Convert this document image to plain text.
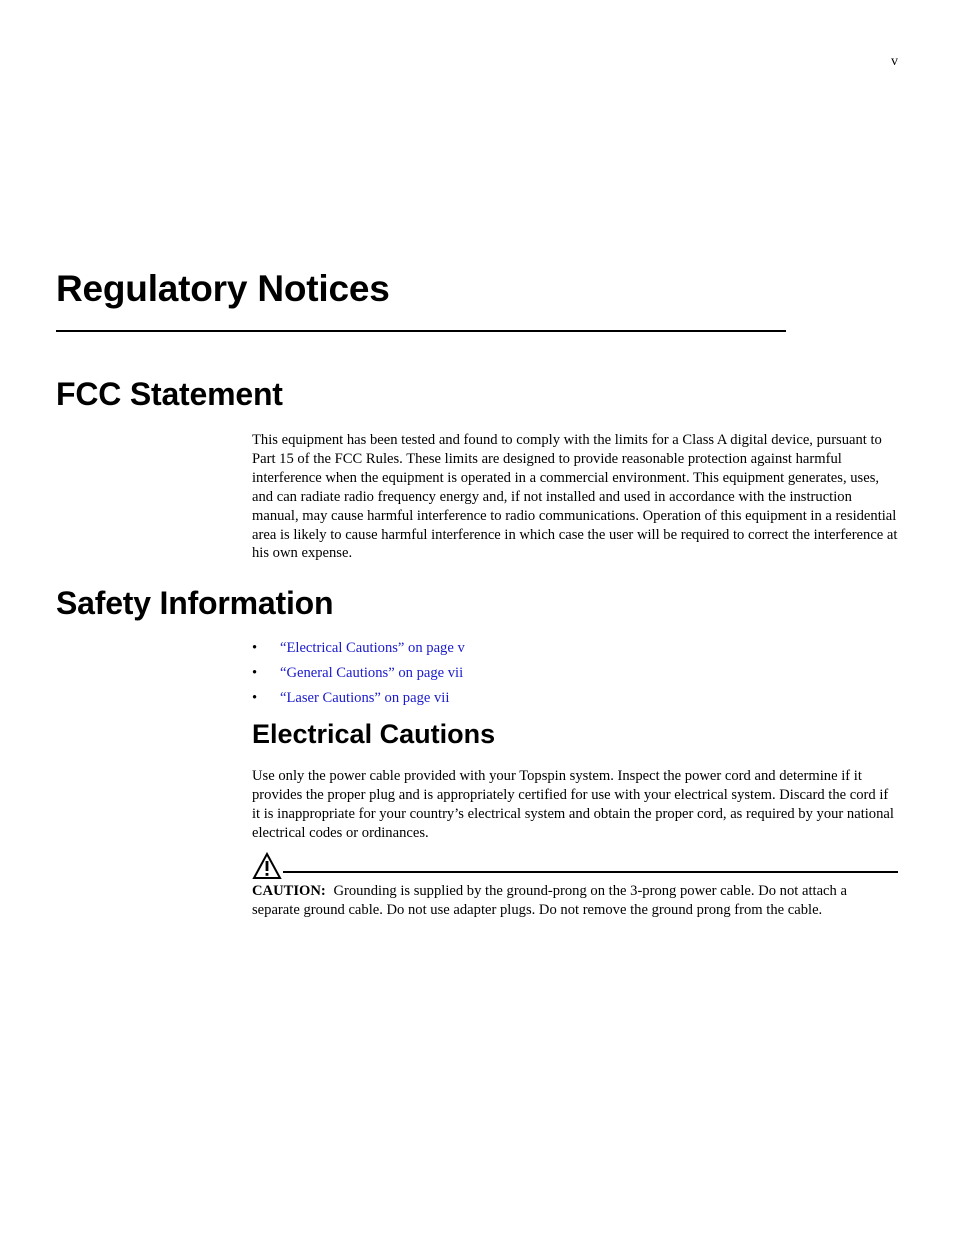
v
Regulatory Notices
FCC Statement

This equipment has been tested and found to comply with the limits for a Class A digital device, pursuant to Part 15 of the FCC Rules. These limits are designed to provide reasonable protection against harmful interference when the equipment is operated in a commercial environment. This equipment generates, uses, and can radiate radio frequency energy and, if not installed and used in accordance with the instruction manual, may cause harmful interference to radio communications. Operation of this equipment in a residential area is likely to cause harmful interference in which case the user will be required to correct the interference at his own expense.

Safety Information
•	“Electrical Cautions” on page v
•	“General Cautions” on page vii
•	“Laser Cautions” on page vii
Electrical Cautions

Use only the power cable provided with your Topspin system. Inspect the power cord and determine if it provides the proper plug and is appropriately certified for use with your electrical system. Discard the cord if it is inappropriate for your country’s electrical system and obtain the proper cord, as required by your national electrical codes or ordinances.

CAUTION: Grounding is supplied by the ground-prong on the 3-prong power cable. Do not attach a separate ground cable. Do not use adapter plugs. Do not remove the ground prong from the cable.
